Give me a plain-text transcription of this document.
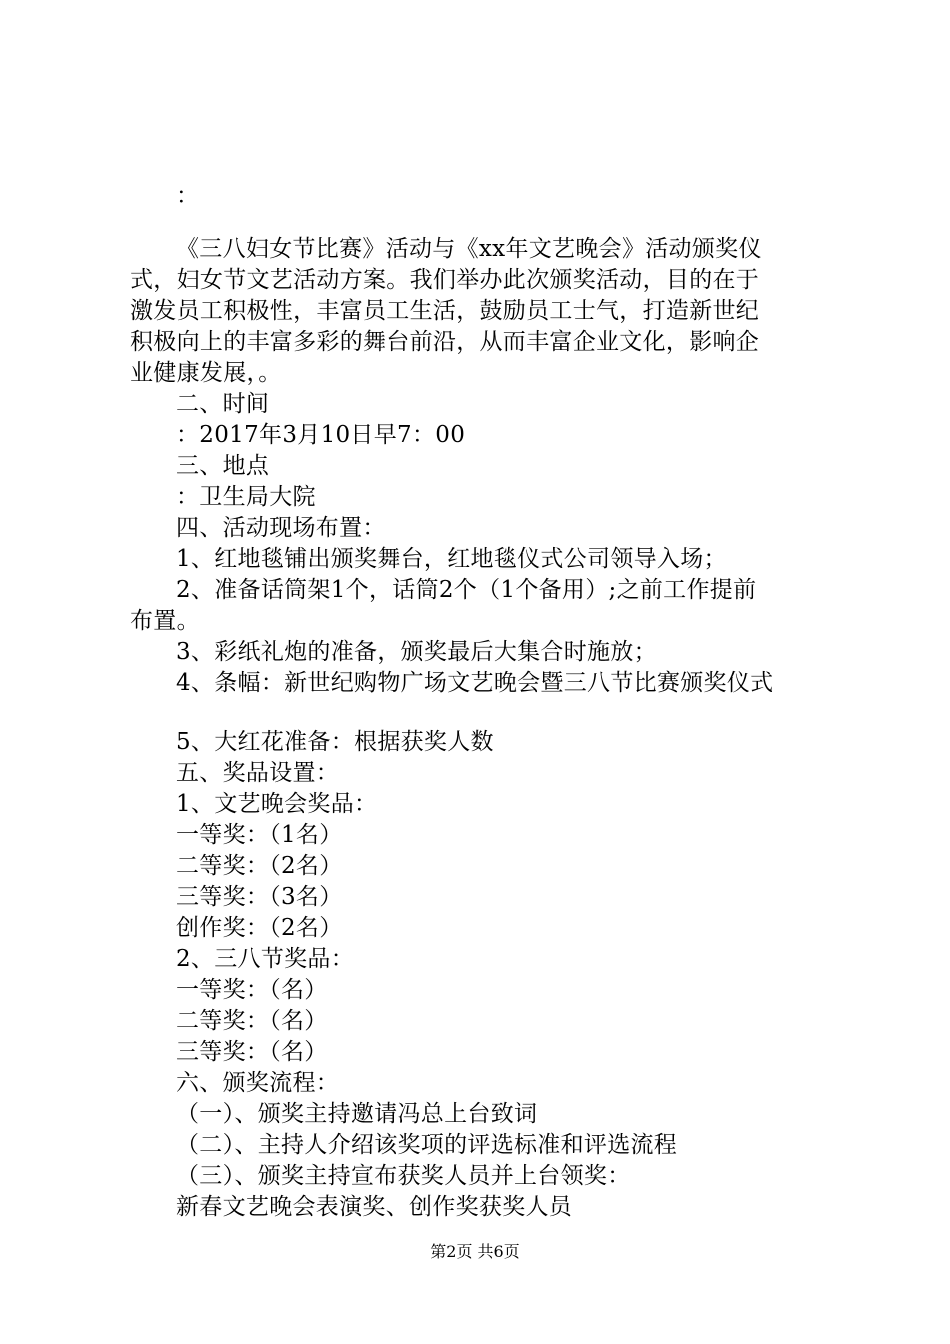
：
《三八妇女节比赛》活动与《xx年文艺晚会》活动颁奖仪
式，妇女节文艺活动方案。我们举办此次颁奖活动，目的在于
激发员工积极性，丰富员工生活，鼓励员工士气，打造新世纪
积极向上的丰富多彩的舞台前沿，从而丰富企业文化，影响企
业健康发展，。
二、时间
：2017年3月10日早7：00
三、地点
：卫生局大院
四、活动现场布置：
1、红地毯铺出颁奖舞台，红地毯仪式公司领导入场；
2、准备话筒架1个，话筒2个（1个备用）;之前工作提前
布置。
3、彩纸礼炮的准备，颁奖最后大集合时施放；
4、条幅：新世纪购物广场文艺晚会暨三八节比赛颁奖仪式
5、大红花准备：根据获奖人数
五、奖品设置：
1、文艺晚会奖品：
一等奖：（1名）
二等奖：（2名）
三等奖：（3名）
创作奖：（2名）
2、三八节奖品：
一等奖：（名）
二等奖：（名）
三等奖：（名）
六、颁奖流程：
（一）、颁奖主持邀请冯总上台致词
（二）、主持人介绍该奖项的评选标准和评选流程
（三）、颁奖主持宣布获奖人员并上台领奖：
新春文艺晚会表演奖、创作奖获奖人员
第2页 共6页
